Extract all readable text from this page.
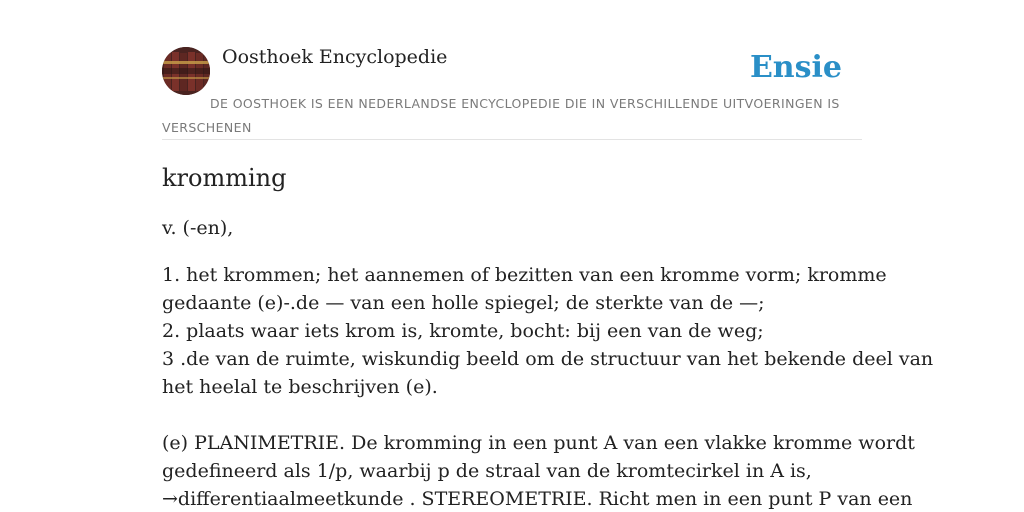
Oosthoek Encyclopedie	Ensie
DE OOSTHOEK IS EEN NEDERLANDSE ENCYCLOPEDIE DIE IN VERSCHILLENDE UITVOERINGEN IS VERSCHENEN
kromming
v. (-en),
1. het krommen; het aannemen of bezitten van een kromme vorm; kromme
gedaante (e)-.de — van een holle spiegel; de sterkte van de —;
2. plaats waar iets krom is, kromte, bocht: bij een van de weg;
3 .de van de ruimte, wiskundig beeld om de structuur van het bekende deel van
het heelal te beschrijven (e).
(e) PLANIMETRIE. De kromming in een punt A van een vlakke kromme wordt
gedefineerd als 1/p, waarbij p de straal van de kromtecirkel in A is,
→differentiaalmeetkunde . STEREOMETRIE. Richt men in een punt P van een
